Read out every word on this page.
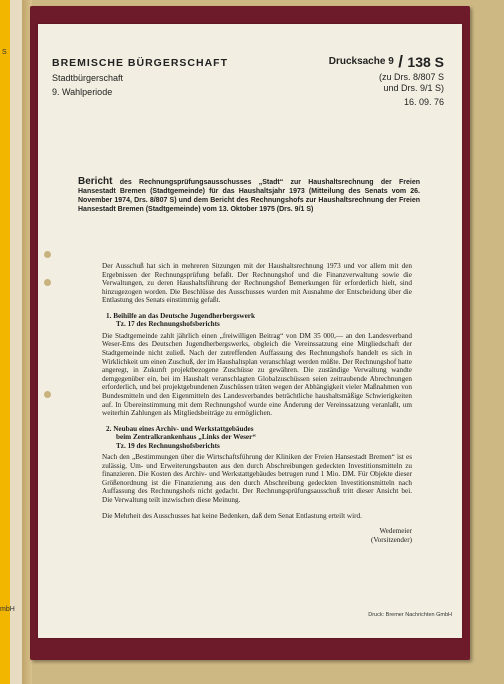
S
mbH
BREMISCHE BÜRGERSCHAFT
Stadtbürgerschaft
9. Wahlperiode
Drucksache 9 / 138 S
(zu Drs. 8/807 S
und Drs. 9/1 S)
16. 09. 76
Bericht des Rechnungsprüfungsausschusses „Stadt“ zur Haushaltsrechnung der Freien Hansestadt Bremen (Stadtgemeinde) für das Haushaltsjahr 1973 (Mitteilung des Senats vom 26. November 1974, Drs. 8/807 S) und dem Bericht des Rechnungshofs zur Haushaltsrechnung der Freien Hansestadt Bremen (Stadtgemeinde) vom 13. Oktober 1975 (Drs. 9/1 S)

Der Ausschuß hat sich in mehreren Sitzungen mit der Haushaltsrechnung 1973 und vor allem mit den Ergebnissen der Rechnungsprüfung befaßt. Der Rechnungshof und die Finanzverwaltung sowie die Verwaltungen, zu deren Haushaltsführung der Rechnungshof Bemerkungen für erforderlich hielt, sind hinzugezogen worden. Die Beschlüsse des Ausschusses wurden mit Ausnahme der Entscheidung über die Entlastung des Senats einstimmig gefaßt.

1. Beihilfe an das Deutsche Jugendherbergswerk
Tz. 17 des Rechnungshofsberichts

Die Stadtgemeinde zahlt jährlich einen „freiwilligen Beitrag“ von DM 35 000,— an den Landesverband Weser-Ems des Deutschen Jugendherbergswerks, obgleich die Vereinssatzung eine Mitgliedschaft der Stadtgemeinde nicht zuließ. Nach der zutreffenden Auffassung des Rechnungshofs handelt es sich in Wirklichkeit um einen Zuschuß, der im Haushaltsplan veranschlagt werden müßte. Der Rechnungshof hatte angeregt, in Zukunft projektbezogene Zuschüsse zu gewähren. Die zuständige Verwaltung wandte demgegenüber ein, bei im Haushalt veranschlagten Globalzuschüssen seien zeitraubende Abrechnungen erforderlich, und bei projektgebundenen Zuschüssen träten wegen der Abhängigkeit vieler Maßnahmen von Bundesmitteln und den Eigenmitteln des Landesverbandes beträchtliche haushaltsmäßige Schwierigkeiten auf. In Übereinstimmung mit dem Rechnungshof wurde eine Änderung der Vereinssatzung veranlaßt, um weiterhin Zahlungen als Mitgliedsbeiträge zu ermöglichen.

2. Neubau eines Archiv- und Werkstattgebäudes
beim Zentralkrankenhaus „Links der Weser“
Tz. 19 des Rechnungshofsberichts

Nach den „Bestimmungen über die Wirtschaftsführung der Kliniken der Freien Hansestadt Bremen“ ist es zulässig, Um- und Erweiterungsbauten aus den durch Abschreibungen gedeckten Investitionsmitteln zu finanzieren. Die Kosten des Archiv- und Werkstattgebäudes betrugen rund 1 Mio. DM. Für Objekte dieser Größenordnung ist die Finanzierung aus den durch Abschreibung gedeckten Investitionsmitteln nach Auffassung des Rechnungshofs nicht gedacht. Der Rechnungsprüfungsausschuß tritt dieser Ansicht bei. Die Verwaltung teilt inzwischen diese Meinung.

Die Mehrheit des Ausschusses hat keine Bedenken, daß dem Senat Entlastung erteilt wird.

Wedemeier
(Vorsitzender)
Druck: Bremer Nachrichten GmbH
